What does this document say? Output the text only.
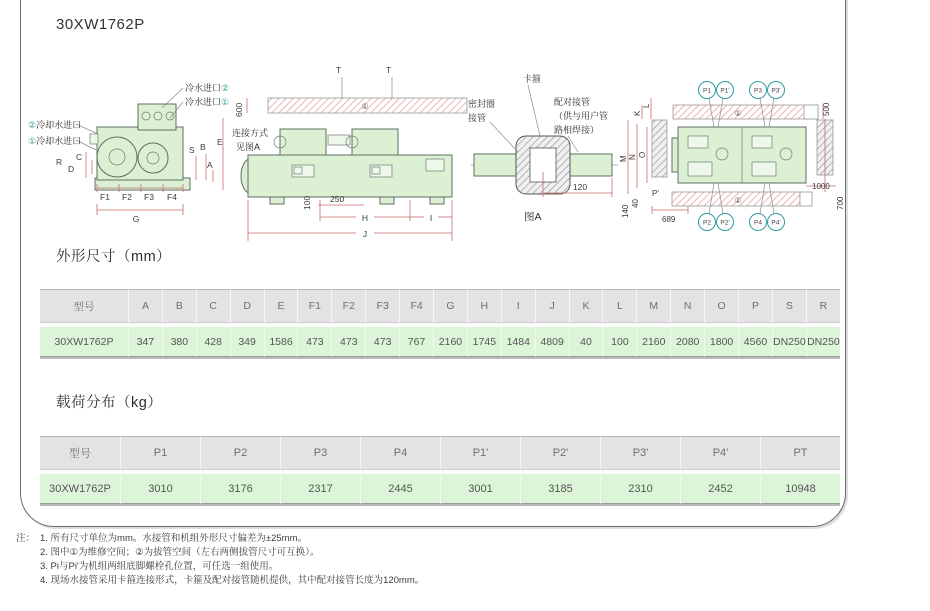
30XW1762P
冷水进口②
冷水进口①
②冷却水进口
①冷却水进口
C
D
R
S B
A
E
F1 F2 F3 F4
G
①
600
T	T
连接方式
见图A
100 250
H	I
J
卡箍
密封圈
接管
配对接管
（供与用户管
路相焊接）
120
图A
①
①
P1 P1'	P3 P3'
P2 P2'	P4 P4'
K
L
M N O
140
40
P'
689
500
1000
700
外形尺寸（mm）
型号	A	B	C	D	E	F1	F2	F3	F4	G	H	I	J	K	L	M	N	O	P	S	R
30XW1762P	347	380	428	349	1586	473	473	473	767	2160	1745	1484	4809	40	100	2160	2080	1800	4560	DN250	DN250
载荷分布（kg）
型号	P1	P2	P3	P4	P1'	P2'	P3'	P4'	PT
30XW1762P	3010	3176	2317	2445	3001	3185	2310	2452	10948
注： 1. 所有尺寸单位为mm。水接管和机组外形尺寸偏差为±25mm。
2. 图中①为维修空间；②为拔管空间（左右两侧拔管尺寸可互换）。
3. Pi与Pi'为机组两组底脚螺栓孔位置，可任选一组使用。
4. 现场水接管采用卡箍连接形式，卡箍及配对接管随机提供，其中配对接管长度为120mm。
